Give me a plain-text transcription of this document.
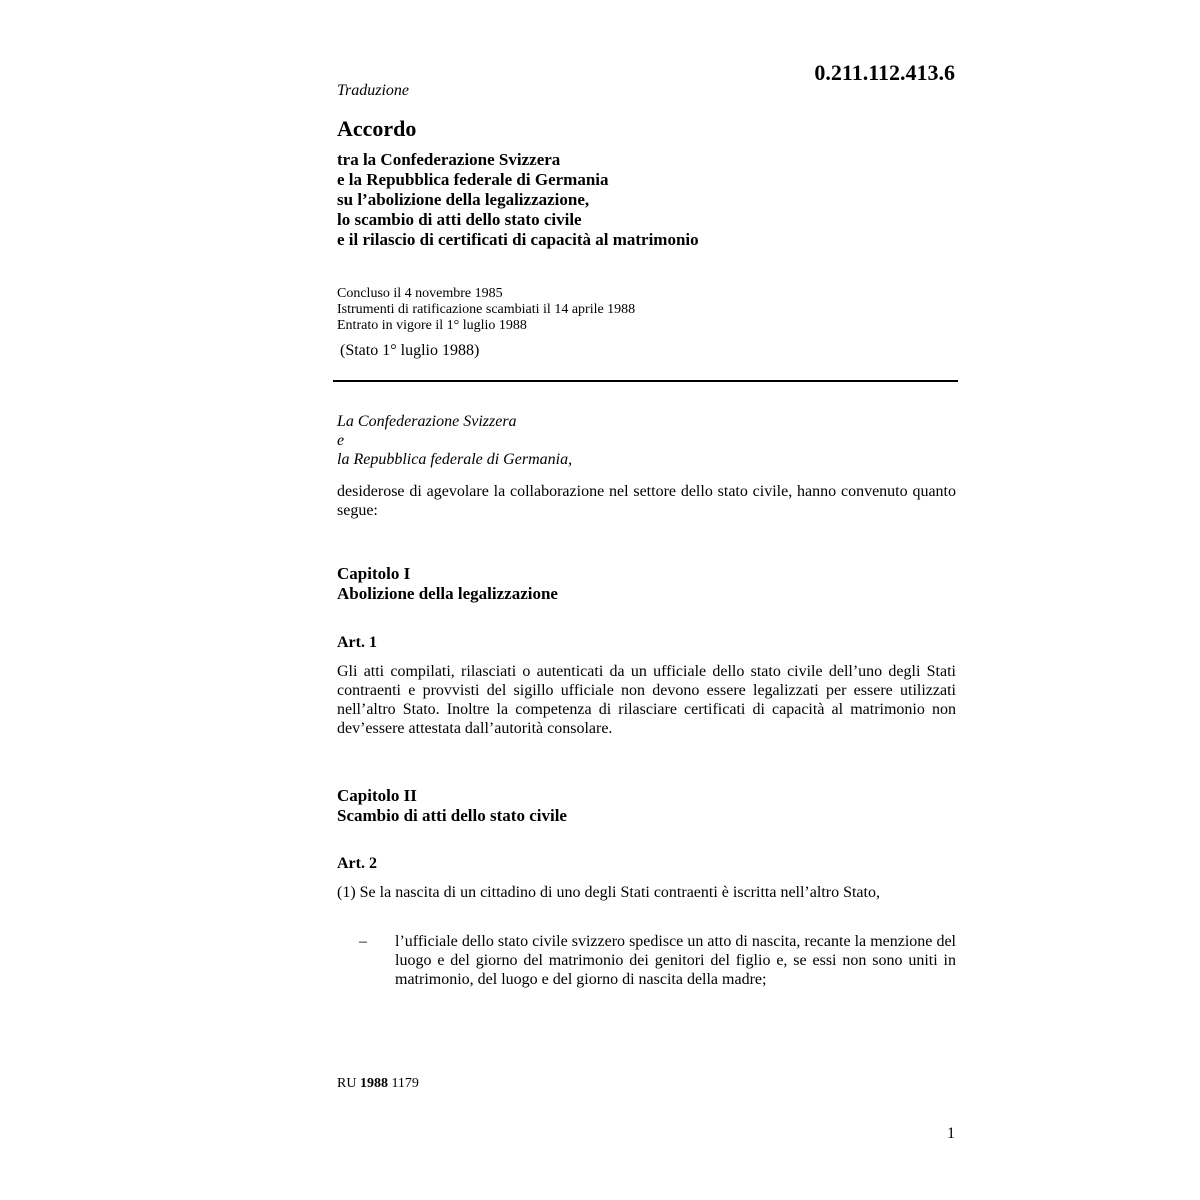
0.211.112.413.6
Traduzione
Accordo
tra la Confederazione Svizzera
e la Repubblica federale di Germania
su l’abolizione della legalizzazione,
lo scambio di atti dello stato civile
e il rilascio di certificati di capacità al matrimonio
Concluso il 4 novembre 1985
Istrumenti di ratificazione scambiati il 14 aprile 1988
Entrato in vigore il 1° luglio 1988
(Stato 1° luglio 1988)
La Confederazione Svizzera
e
la Repubblica federale di Germania,
desiderose di agevolare la collaborazione nel settore dello stato civile, hanno convenuto quanto segue:
Capitolo I
Abolizione della legalizzazione
Art. 1
Gli atti compilati, rilasciati o autenticati da un ufficiale dello stato civile dell’uno degli Stati contraenti e provvisti del sigillo ufficiale non devono essere legalizzati per essere utilizzati nell’altro Stato. Inoltre la competenza di rilasciare certificati di capacità al matrimonio non dev’essere attestata dall’autorità consolare.
Capitolo II
Scambio di atti dello stato civile
Art. 2
(1) Se la nascita di un cittadino di uno degli Stati contraenti è iscritta nell’altro Stato,
–	l’ufficiale dello stato civile svizzero spedisce un atto di nascita, recante la menzione del luogo e del giorno del matrimonio dei genitori del figlio e, se essi non sono uniti in matrimonio, del luogo e del giorno di nascita della madre;
RU 1988 1179
1
